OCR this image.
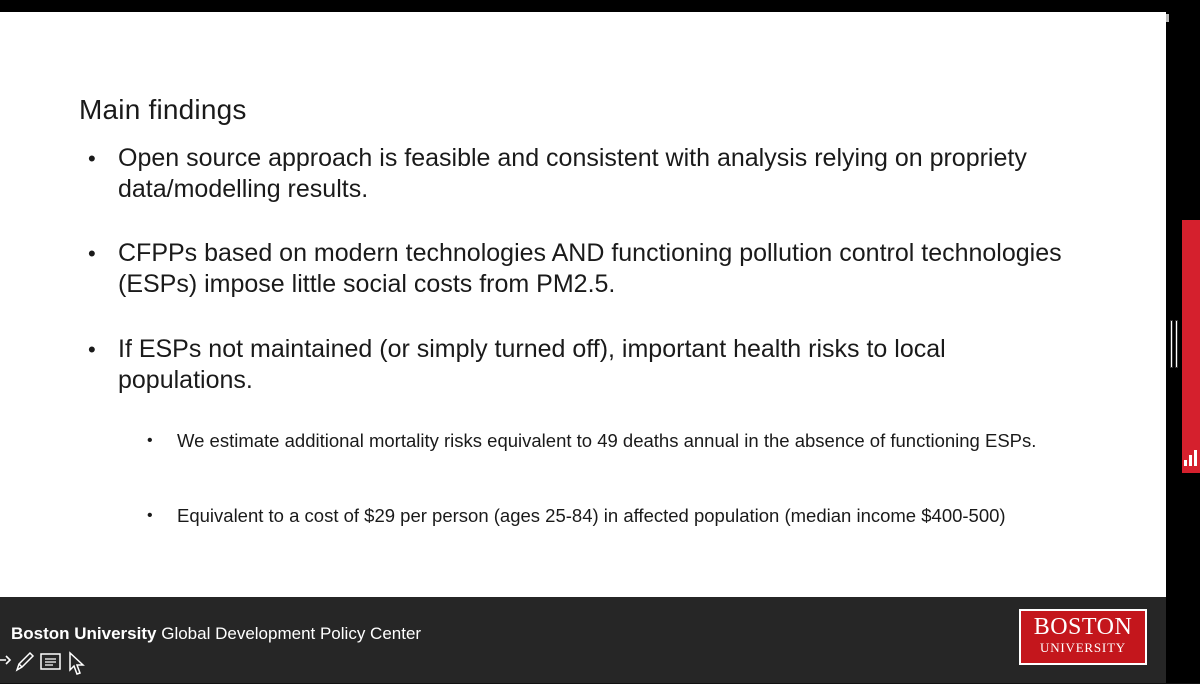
Main findings
• Open source approach is feasible and consistent with analysis relying on propriety data/modelling results.
• CFPPs based on modern technologies AND functioning pollution control technologies (ESPs) impose little social costs from PM2.5.
• If ESPs not maintained (or simply turned off), important health risks to local populations.
• We estimate additional mortality risks equivalent to 49 deaths annual in the absence of functioning ESPs.
• Equivalent to a cost of $29 per person (ages 25-84) in affected population (median income $400-500)
Boston University Global Development Policy Center	BOSTON
UNIVERSITY
